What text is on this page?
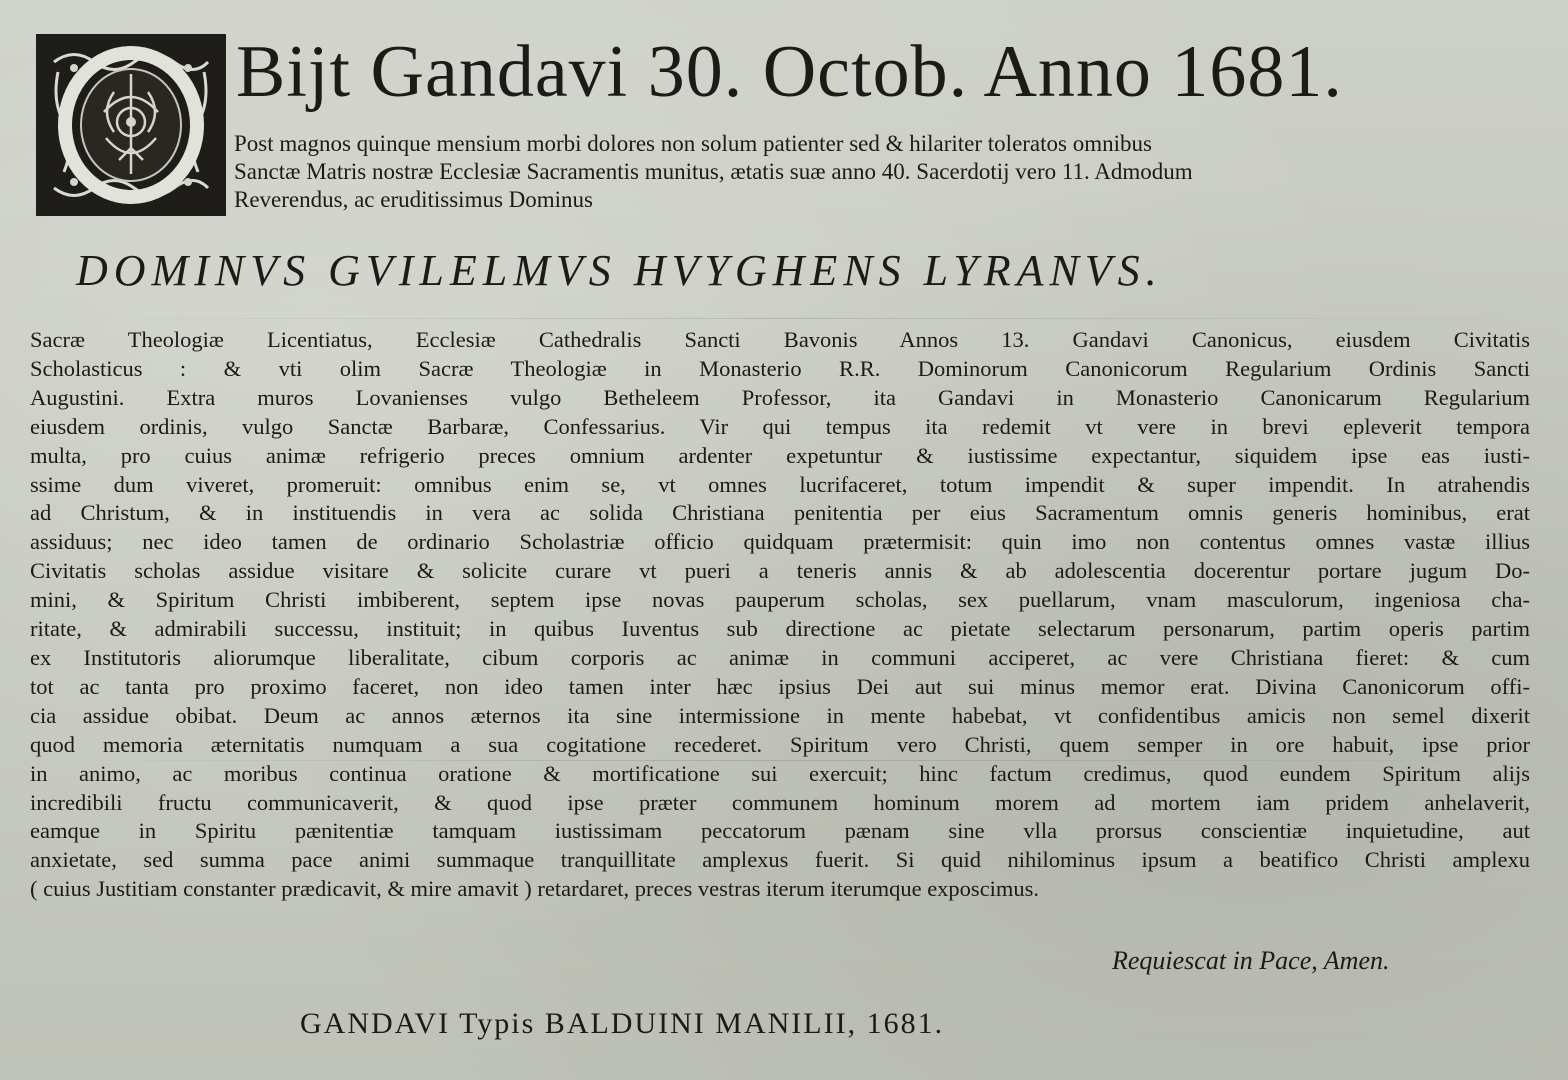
Bijt Gandavi 30. Octob. Anno 1681.
Post magnos quinque mensium morbi dolores non solum patienter sed & hilariter toleratos omnibus
Sanctæ Matris nostræ Ecclesiæ Sacramentis munitus, ætatis suæ anno 40. Sacerdotij vero 11. Admodum
Reverendus, ac eruditissimus Dominus
DOMINVS GVILELMVS HVYGHENS LYRANVS.
Sacræ Theologiæ Licentiatus, Ecclesiæ Cathedralis Sancti Bavonis Annos 13. Gandavi Canonicus, eiusdem Civitatis
Scholasticus : & vti olim Sacræ Theologiæ in Monasterio R.R. Dominorum Canonicorum Regularium Ordinis Sancti
Augustini. Extra muros Lovanienses vulgo Betheleem Professor, ita Gandavi in Monasterio Canonicarum Regularium
eiusdem ordinis, vulgo Sanctæ Barbaræ, Confessarius. Vir qui tempus ita redemit vt vere in brevi epleverit tempora
multa, pro cuius animæ refrigerio preces omnium ardenter expetuntur & iustissime expectantur, siquidem ipse eas iusti-
ssime dum viveret, promeruit: omnibus enim se, vt omnes lucrifaceret, totum impendit & super impendit. In atrahendis
ad Christum, & in instituendis in vera ac solida Christiana penitentia per eius Sacramentum omnis generis hominibus, erat
assiduus; nec ideo tamen de ordinario Scholastriæ officio quidquam prætermisit: quin imo non contentus omnes vastæ illius
Civitatis scholas assidue visitare & solicite curare vt pueri a teneris annis & ab adolescentia docerentur portare jugum Do-
mini, & Spiritum Christi imbiberent, septem ipse novas pauperum scholas, sex puellarum, vnam masculorum, ingeniosa cha-
ritate, & admirabili successu, instituit; in quibus Iuventus sub directione ac pietate selectarum personarum, partim operis partim
ex Institutoris aliorumque liberalitate, cibum corporis ac animæ in communi acciperet, ac vere Christiana fieret: & cum
tot ac tanta pro proximo faceret, non ideo tamen inter hæc ipsius Dei aut sui minus memor erat. Divina Canonicorum offi-
cia assidue obibat. Deum ac annos æternos ita sine intermissione in mente habebat, vt confidentibus amicis non semel dixerit
quod memoria æternitatis numquam a sua cogitatione recederet. Spiritum vero Christi, quem semper in ore habuit, ipse prior
in animo, ac moribus continua oratione & mortificatione sui exercuit; hinc factum credimus, quod eundem Spiritum alijs
incredibili fructu communicaverit, & quod ipse præter communem hominum morem ad mortem iam pridem anhelaverit,
eamque in Spiritu pænitentiæ tamquam iustissimam peccatorum pænam sine vlla prorsus conscientiæ inquietudine, aut
anxietate, sed summa pace animi summaque tranquillitate amplexus fuerit. Si quid nihilominus ipsum a beatifico Christi amplexu
( cuius Justitiam constanter prædicavit, & mire amavit ) retardaret, preces vestras iterum iterumque exposcimus.
Requiescat in Pace, Amen.
GANDAVI Typis BALDUINI MANILII, 1681.
